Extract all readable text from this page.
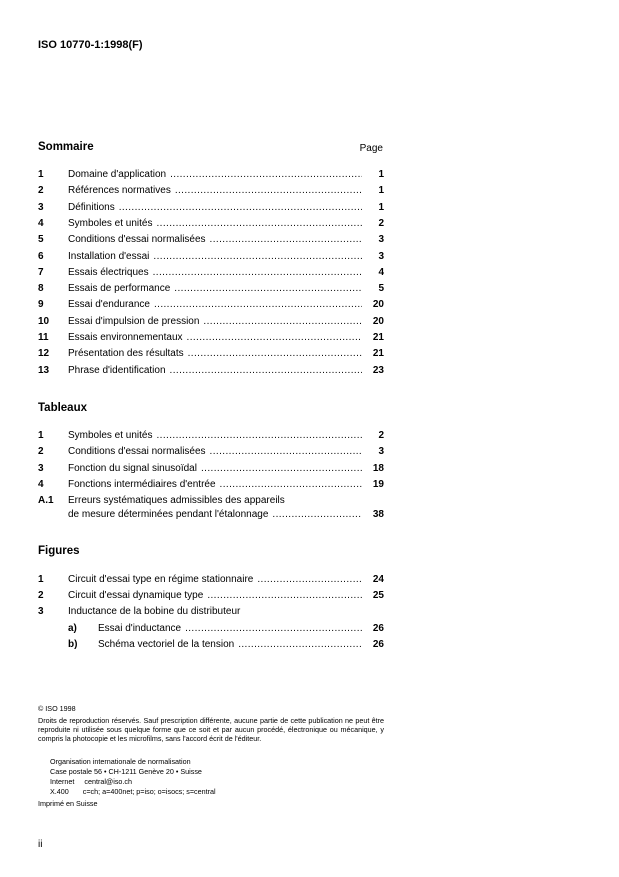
ISO 10770-1:1998(F)
Sommaire	Page
1 Domaine d'application .....	1
2 Références normatives .....	1
3 Définitions .....	1
4 Symboles et unités .....	2
5 Conditions d'essai normalisées .....	3
6 Installation d'essai .....	3
7 Essais électriques .....	4
8 Essais de performance .....	5
9 Essai d'endurance .....	20
10 Essai d'impulsion de pression .....	20
11 Essais environnementaux .....	21
12 Présentation des résultats .....	21
13 Phrase d'identification .....	23
Tableaux
1 Symboles et unités .....	2
2 Conditions d'essai normalisées .....	3
3 Fonction du signal sinusoïdal .....	18
4 Fonctions intermédiaires d'entrée .....	19
A.1 Erreurs systématiques admissibles des appareils
de mesure déterminées pendant l'étalonnage .....	38
Figures
1 Circuit d'essai type en régime stationnaire .....	24
2 Circuit d'essai dynamique type .....	25
3 Inductance de la bobine du distributeur
a) Essai d'inductance .....	26
b) Schéma vectoriel de la tension .....	26
© ISO 1998
Droits de reproduction réservés. Sauf prescription différente, aucune partie de cette publication ne peut être reproduite ni utilisée sous quelque forme que ce soit et par aucun procédé, électronique ou mécanique, y compris la photocopie et les microfilms, sans l'accord écrit de l'éditeur.
Organisation internationale de normalisation
Case postale 56 • CH-1211 Genève 20 • Suisse
Internet     central@iso.ch
X.400       c=ch; a=400net; p=iso; o=isocs; s=central
Imprimé en Suisse
ii
